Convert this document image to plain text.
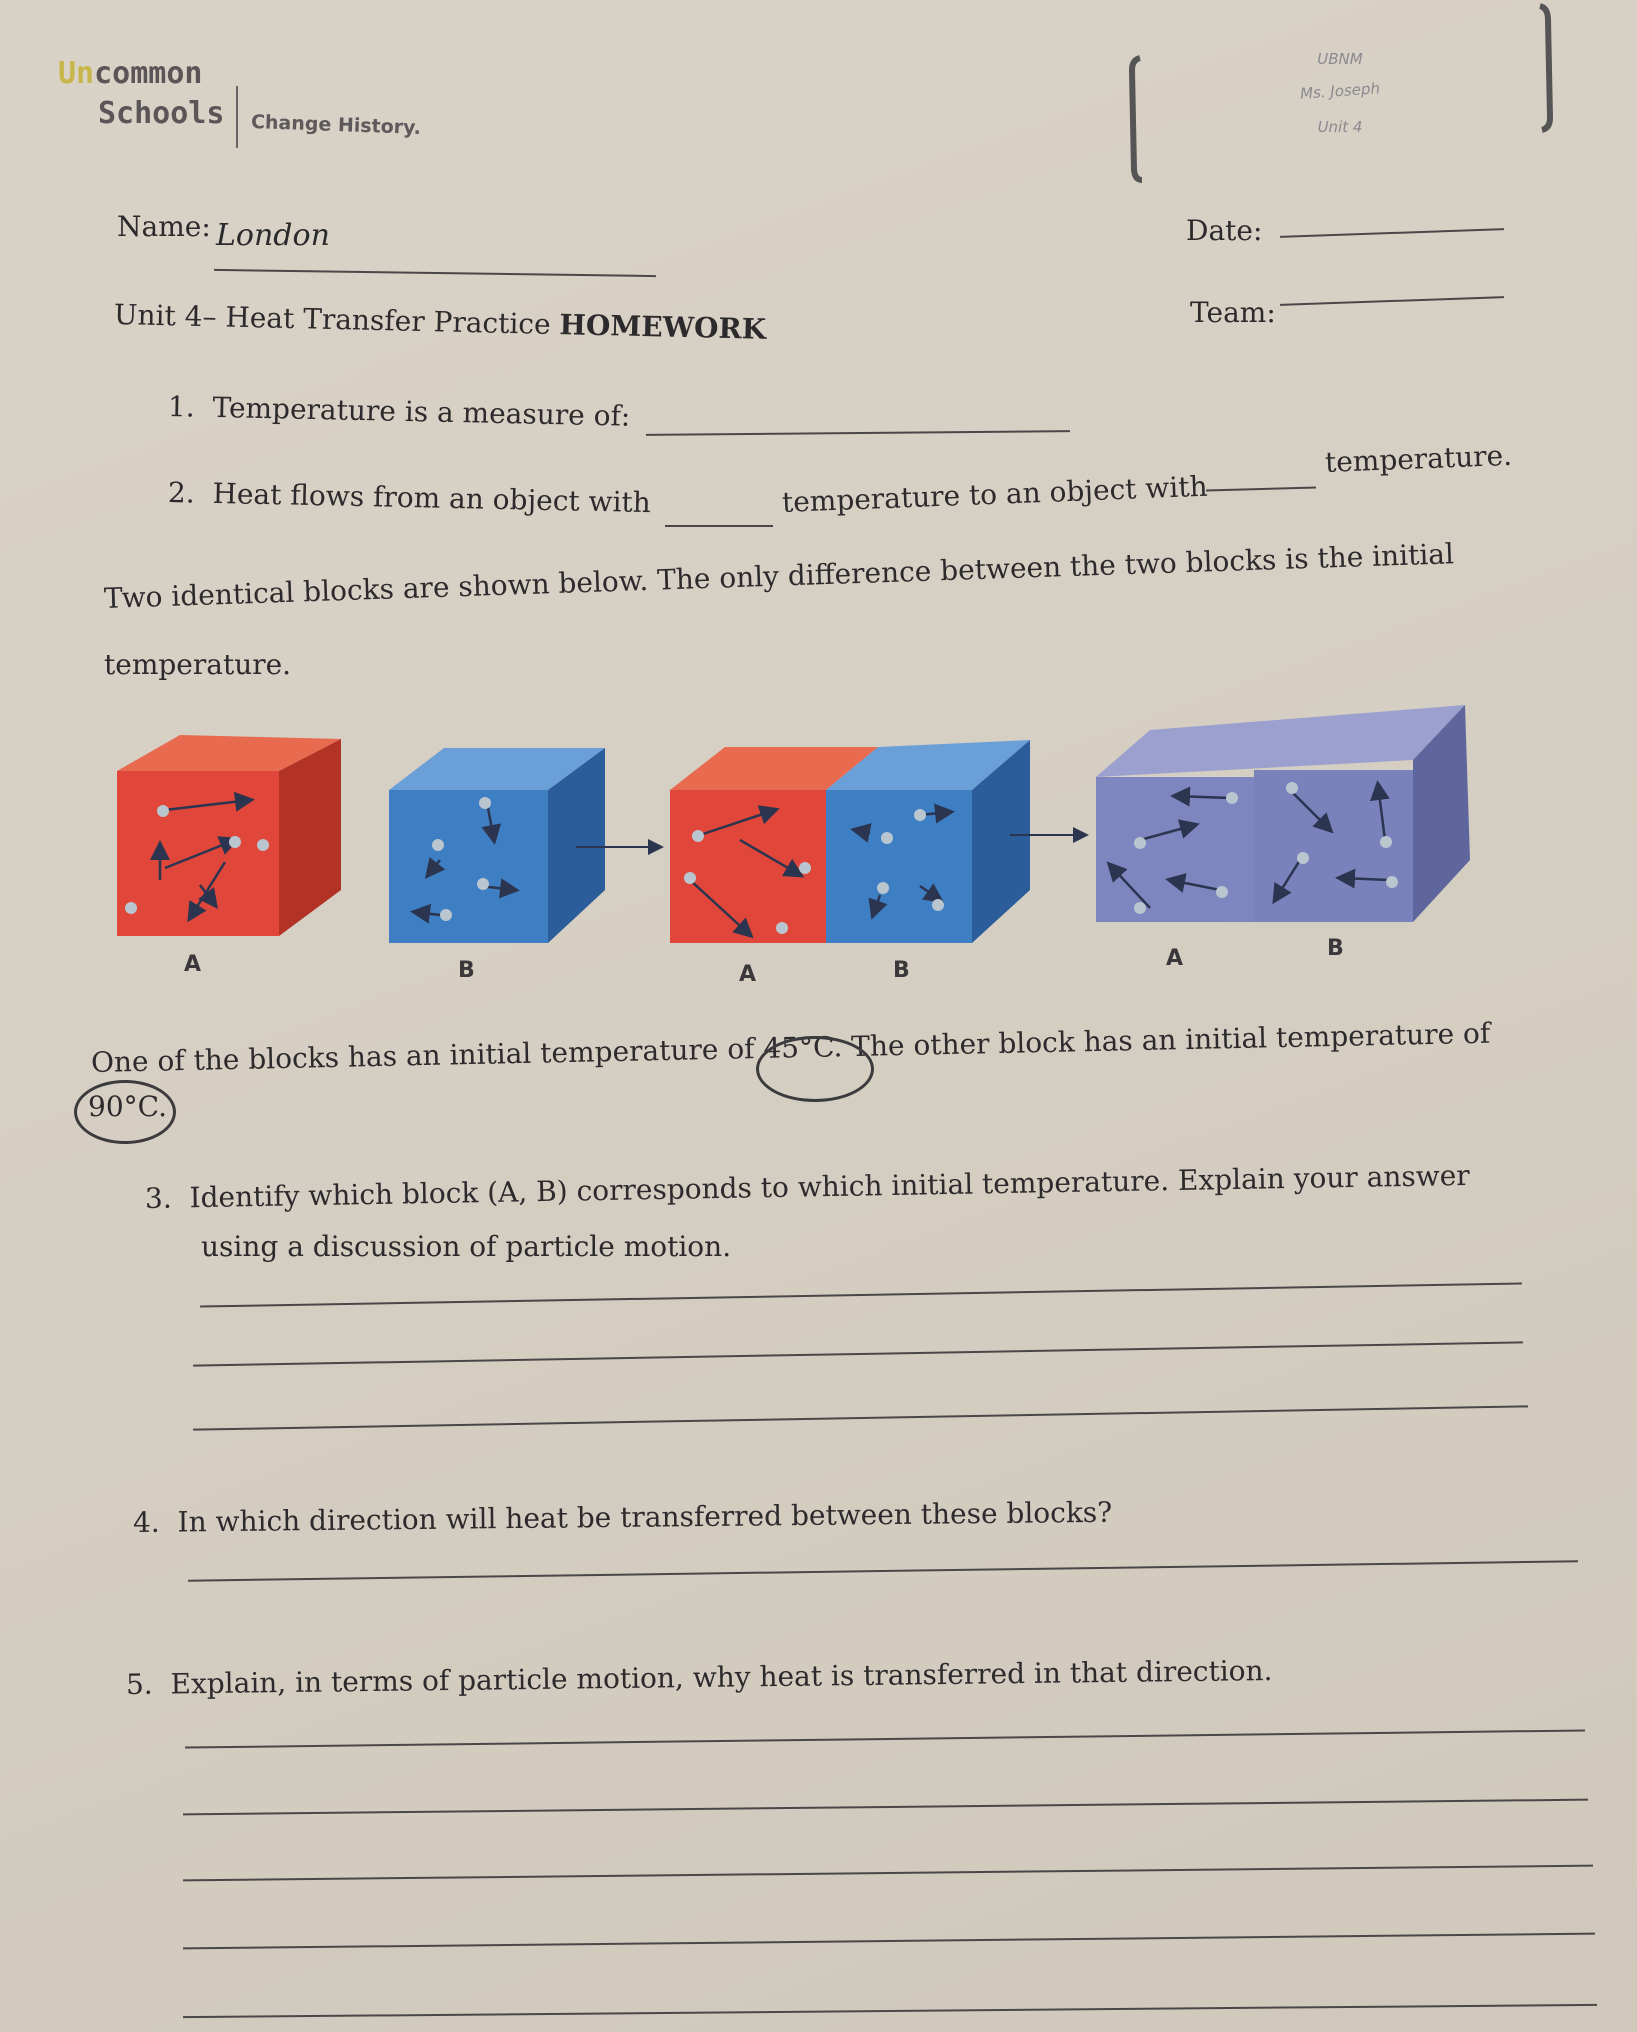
Uncommon
Schools Change History.
UBNM
Ms. Joseph
Unit 4
Name: London	Date:
Team:
Unit 4– Heat Transfer Practice HOMEWORK
1. Temperature is a measure of:
2. Heat flows from an object with	temperature to an object with
temperature.
Two identical blocks are shown below. The only difference between the two blocks is the initial
temperature.
A	B	A	B	A	B
One of the blocks has an initial temperature of 45°C. The other block has an initial temperature of
90°C.
3. Identify which block (A, B) corresponds to which initial temperature. Explain your answer
using a discussion of particle motion.
4. In which direction will heat be transferred between these blocks?
5. Explain, in terms of particle motion, why heat is transferred in that direction.
